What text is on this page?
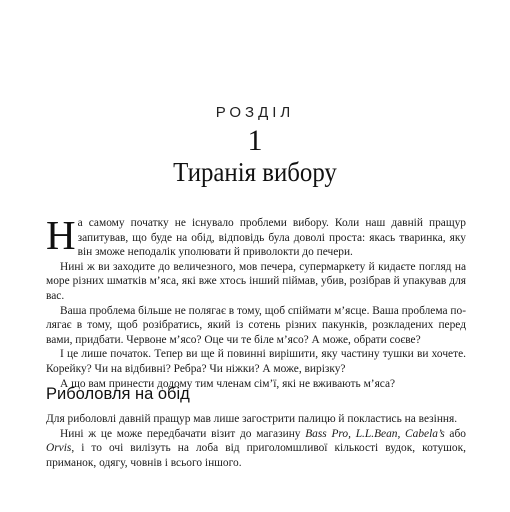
РОЗДІЛ
1
Тиранія вибору

На самому початку не існувало проблеми вибору. Коли наш давній пращур запитував, що буде на обід, відповідь була доволі проста: якась тваринка, яку він зможе неподалік уполювати й приволокти до печери.

Нині ж ви заходите до величезного, мов печера, супермаркету й кидаєте погляд на море різних шматків м’яса, які вже хтось інший піймав, убив, розібрав й упакував для вас.

Ваша проблема більше не полягає в тому, щоб спіймати м’ясце. Ваша проблема полягає в тому, щоб розібратись, який із сотень різних пакунків, розкладених перед вами, придбати. Червоне м’ясо? Оце чи те біле м’ясо? А може, обрати соєве?

І це лише початок. Тепер ви ще й повинні вирішити, яку частину тушки ви хочете. Корейку? Чи на відбивні? Ребра? Чи ніжки? А може, вирізку?

А що вам принести додому тим членам сім’ї, які не вживають м’яса?

Риболовля на обід

Для риболовлі давній пращур мав лише загострити палицю й покластись на везіння.

Нині ж це може передбачати візит до магазину Bass Pro, L.L.Bean, Cabela’s або Orvis, і то очі вилізуть на лоба від приголомшливої кількості вудок, котушок, приманок, одягу, човнів і всього іншого.
